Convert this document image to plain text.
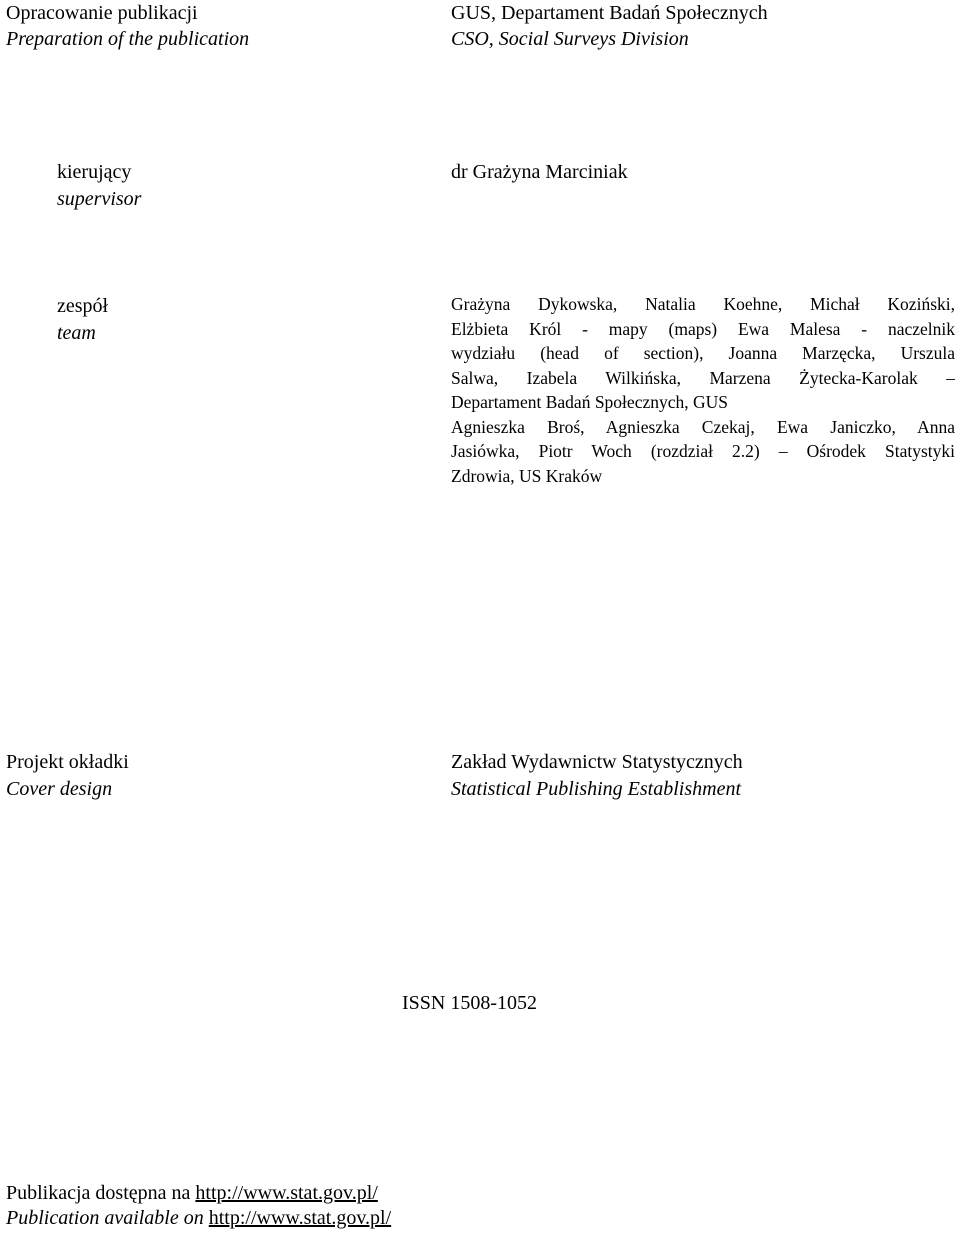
Opracowanie publikacji
Preparation of the publication
GUS, Departament Badań Społecznych
CSO, Social Surveys Division
kierujący
supervisor
dr Grażyna Marciniak
zespół
team

Grażyna Dykowska, Natalia Koehne, Michał Koziński,

Elżbieta Król - mapy (maps) Ewa Malesa - naczelnik

wydziału (head of section), Joanna Marzęcka, Urszula

Salwa, Izabela Wilkińska, Marzena Żytecka-Karolak –

Departament Badań Społecznych, GUS

Agnieszka Broś, Agnieszka Czekaj, Ewa Janiczko, Anna

Jasiówka, Piotr Woch (rozdział 2.2) – Ośrodek Statystyki

Zdrowia, US Kraków

Projekt okładki
Cover design
Zakład Wydawnictw Statystycznych
Statistical Publishing Establishment
ISSN 1508-1052
Publikacja dostępna na http://www.stat.gov.pl/
Publication available on http://www.stat.gov.pl/
